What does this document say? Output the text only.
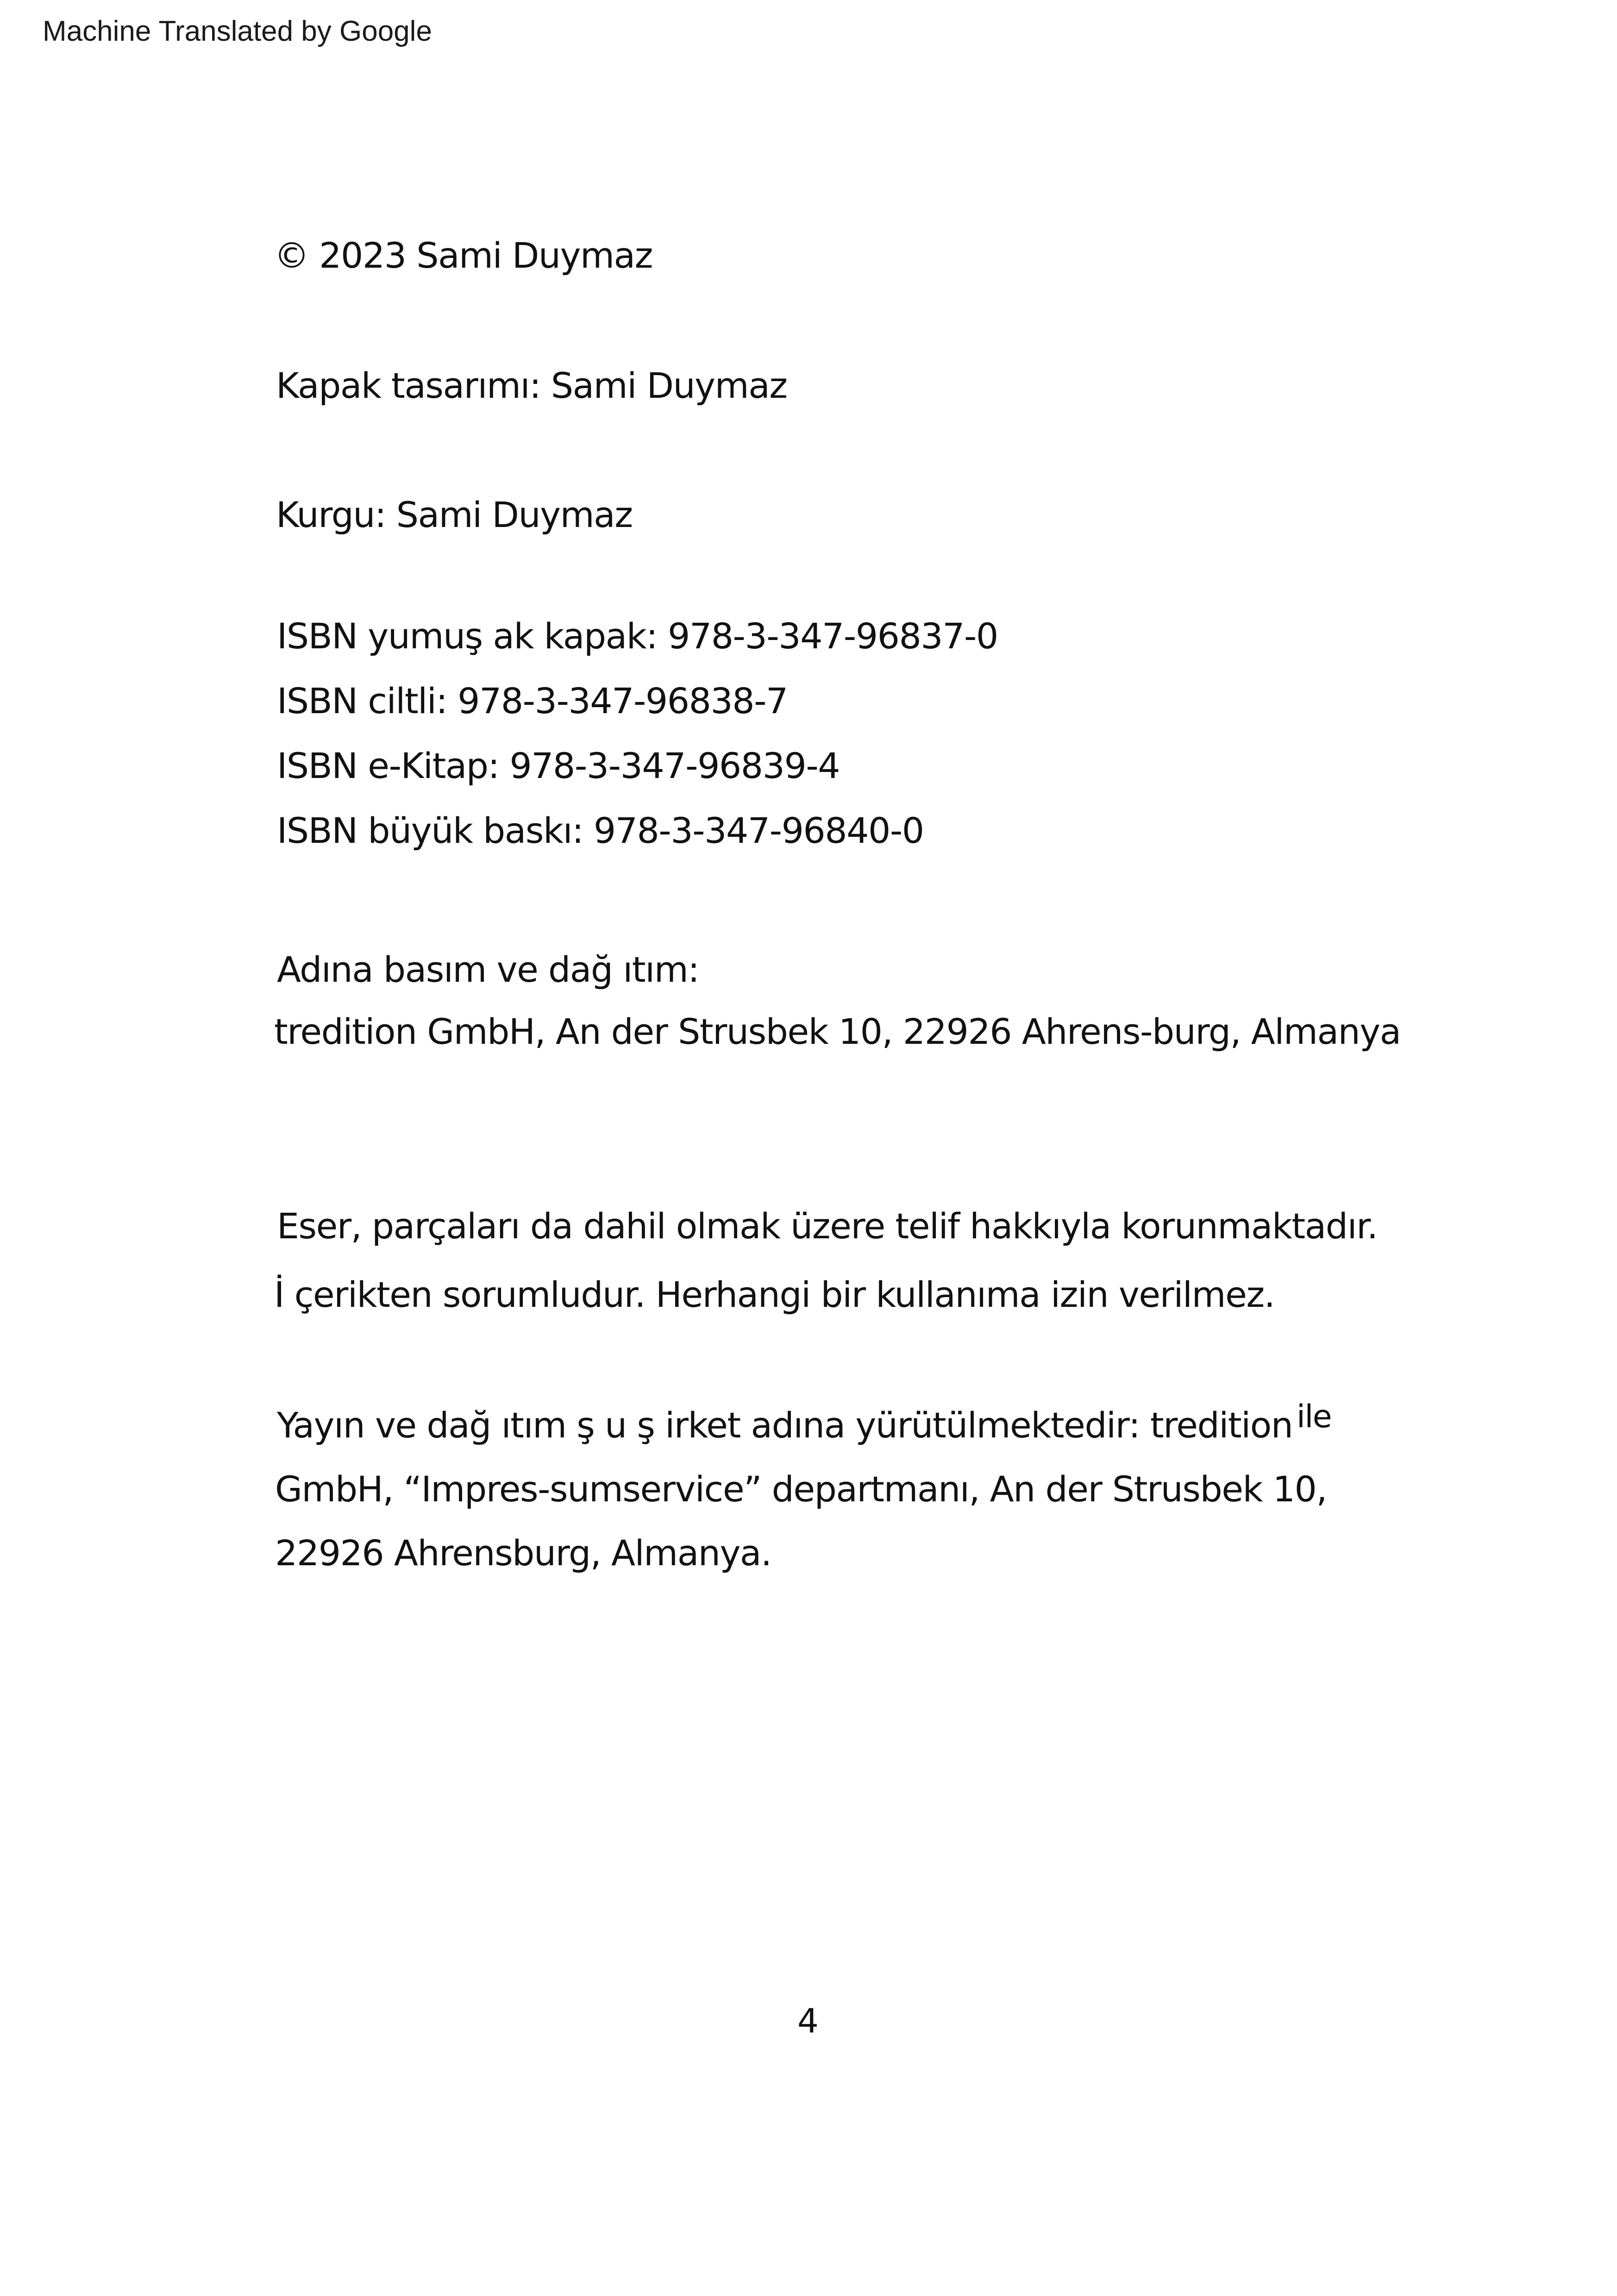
Machine Translated by Google
© 2023 Sami Duymaz
Kapak tasarımı: Sami Duymaz
Kurgu: Sami Duymaz
ISBN yumuş ak kapak: 978-3-347-96837-0
ISBN ciltli: 978-3-347-96838-7
ISBN e-Kitap: 978-3-347-96839-4
ISBN büyük baskı: 978-3-347-96840-0
Adına basım ve dağ ıtım:
tredition GmbH, An der Strusbek 10, 22926 Ahrens-burg, Almanya
Eser, parçaları da dahil olmak üzere telif hakkıyla korunmaktadır.
İ çerikten sorumludur. Herhangi bir kullanıma izin verilmez.
Yayın ve dağ ıtım ş u ş irket adına yürütülmektedir: tredition ile
GmbH, “Impres-sumservice” departmanı, An der Strusbek 10,
22926 Ahrensburg, Almanya.
4
